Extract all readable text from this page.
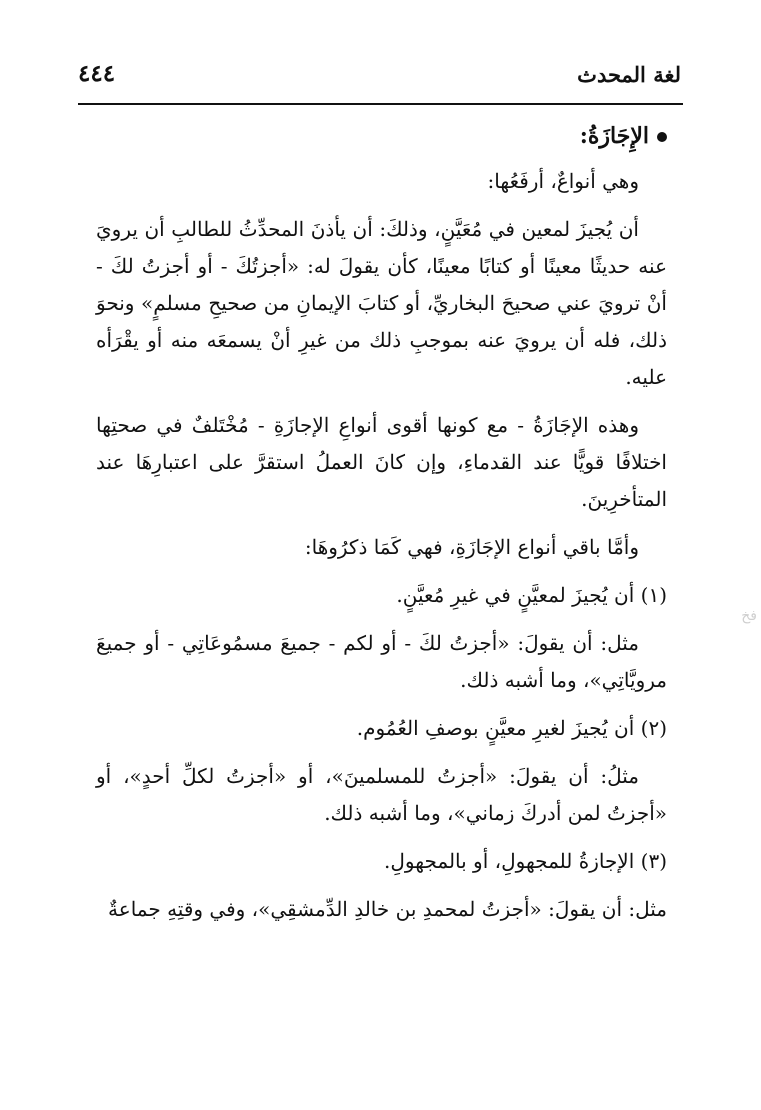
لغة المحدث
٤٤٤

الإِجَازَةُ:

وهي أنواعٌ، أرفَعُها:

أن يُجيزَ لمعين في مُعَيَّنٍ، وذلكَ: أن يأذنَ المحدِّثُ للطالبِ أن يرويَ عنه حديثًا معينًا أو كتابًا معينًا، كأن يقولَ له: «أجزتُكَ - أو أجزتُ لكَ - أنْ ترويَ عني صحيحَ البخاريِّ، أو كتابَ الإيمانِ من صحيحِ مسلمٍ» ونحوَ ذلك، فله أن يرويَ عنه بموجبِ ذلك من غيرِ أنْ يسمعَه منه أو يقْرَأه عليه.

وهذه الإجَازَةُ - مع كونها أقوى أنواعِ الإجازَةِ - مُخْتَلفٌ في صحتِها اختلافًا قويًّا عند القدماءِ، وإن كانَ العملُ استقرَّ على اعتبارِهَا عند المتأخرِينَ.

وأمَّا باقي أنواع الإجَازَةِ، فهي كَمَا ذكرُوهَا:

(١) أن يُجيزَ لمعيَّنٍ في غيرِ مُعيَّنٍ.

مثل: أن يقولَ: «أجزتُ لكَ - أو لكم - جميعَ مسمُوعَاتِي - أو جميعَ مرويَّاتِي»، وما أشبه ذلك.

(٢) أن يُجيزَ لغيرِ معيَّنٍ بوصفِ العُمُوم.

مثلُ: أن يقولَ: «أجزتُ للمسلمينَ»، أو «أجزتُ لكلِّ أحدٍ»، أو «أجزتُ لمن أدركَ زماني»، وما أشبه ذلك.

(٣) الإجازةُ للمجهولِ، أو بالمجهولِ.

مثل: أن يقولَ: «أجزتُ لمحمدِ بن خالدِ الدِّمشقِي»، وفي وقتِهِ جماعةٌ

فخ
